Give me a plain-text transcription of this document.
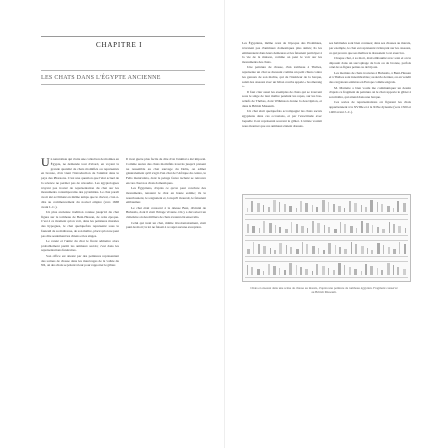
CHAPITRE I
LES CHATS DANS L'ÉGYPTE ANCIENNE

Un naturaliste qui visite une collection de momies en Égypte, ne demande tout d'abord, en voyant la grande quantité de chats momifiés ou représentés en bronze, d'où vient l'introduction de l'animal dans le pays des Pharaons. C'est une question que l'état actuel de la science ne permet pas de résoudre. Les égyptologues n'ayant pas trouvé de représentation du chat sur les monuments contemporains des pyramides. Le chat paraît avoir été acclimaté en même temps que le cheval, c'est-à-dire au commencement du nouvel empire (vers 1668 avant J.-C.).

Un plus ancienne tradition connue jusqu'ici du chat figure sur le tombeau de Beni-Hassan, de cette époque. C'est à ce moment qu'on voit, dans les peintures murales des hypogées, le chat quelquefois représenté sous le fauteuil de sa maîtresse, de son maître, placé qu'on ne peut pas dire seulement les chiens et les singes.

Le rareté et l'unité du chat le firent admettre alors probablement parmi les animaux sacrés; c'est dans les représentations funéraires.

Son office est attesté par des peintures représentant des scènes de chasse dans les marécages de la vallée du Nil, où des chats se jettent à leur pour rapporter le gibier.

Il n'est guère plus facile de dire d'où l'animal a été importé. Comme aucun des chats momifiés trouvés jusqu'à présent ne ressemble au chat sauvage du Delta, on admet généralement qu'il s'agit d'un chat de l'Afrique du centre, le Felis maniculata, dont le pelage fauve tacheté se retrouve encore chez nos chats domestiques.

Les Égyptiens, d'après ce qu'on peut conclure des monuments, tenaient le chat en haute estime; ils le nourrissaient, le soignaient et, lorsqu'il mourait, le faisaient embaumer.

Le chat était consacré à la déesse Bast, divinité de Bubastis, dont il était l'image vivante. On y a découvert un cimetière où des milliers de chats avaient été ensevelis.

Celui qui tuait un chat, même involontairement, était puni de mort; la loi ne faisait à ce sujet aucune exception.

Les Égyptiens, même ceux de l'époque des Ptolémées, n'avaient pas d'animaux domestiques plus aimés; ils les emmenaient dans leurs demeures et les faisaient participer à la vie de la maison, comme on peut le voir sur les monuments des chats.

Une peinture de chasse, d'un tombeau à Thèbes, représente un chat se dressant comme un petit chien contre les genoux de son maître, qui de l'intérieur de la barque, saisit des oiseaux avec un bâton courbe appelé « boomerang ».

Il faut citer aussi les exemples de chats qui se trouvent sous le siège de leur maître pendant les repas, sur les bas-reliefs de Thèbes, dont Wilkinson donne la description, et dans le British Museum.

Un chat était quelquefois accompagné les chats sacrés égyptiens dans ces occasions, et par l'exactitude avec laquelle il est représenté souvent le gibier. L'artiste voulait nous montrer que ces animaux étaient dressés.

ses habitudes sont bien connues; dans ses chasses au marais, par exemple, le chat est représenté s'élançant sur les oiseaux, ce qui prouve que ses maîtres le dressaient à cet exercice.

Chaque chat, à sa mort, était embaumé avec soin et on le déposait dans un sarcophage de bois ou de bronze, parfois orné de sa figure peinte ou de bijoux.

Les momies de chats trouvées à Bubastis, à Beni-Hassan et à Thèbes sont innombrables; au siècle dernier, on en vendit des cargaisons entières en Europe comme engrais.

M. Mariette a bien voulu me communiquer un dessin d'après ce fragment de peinture où le chat rapporte le gibier à son maître, qui attend dans une barque.

Ces sortes de représentations où figurent les chats appartiennent à la XVIIIe et à la XIXe dynastie (vers 1500 et 1400 avant J.-C.).

Chats et oiseaux dans une scène de chasse au marais, d'après une peinture de tombeau égyptien. Fragment conservé au British Museum.
